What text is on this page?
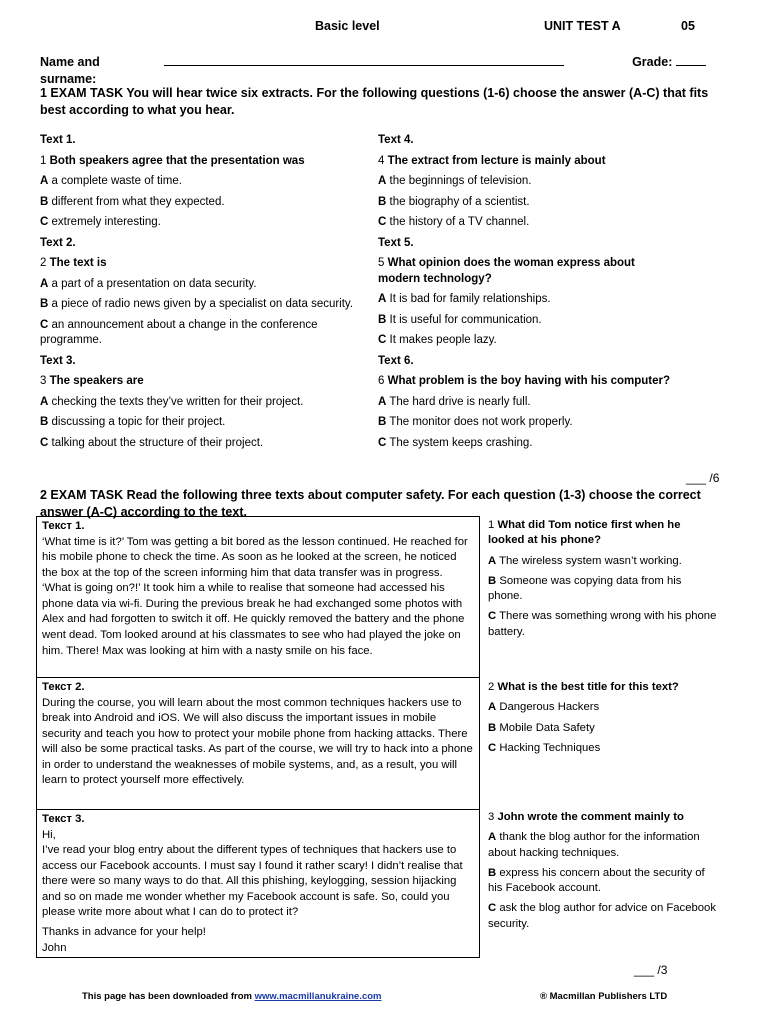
Basic level	UNIT TEST A	05
Name and surname:
Grade:
1 EXAM TASK You will hear twice six extracts. For the following questions (1-6) choose the answer (A-C) that fits best according to what you hear.
Text 1.
1 Both speakers agree that the presentation was
A a complete waste of time.
B different from what they expected.
C extremely interesting.
Text 2.
2 The text is
A a part of a presentation on data security.
B a piece of radio news given by a specialist on data security.
C an announcement about a change in the conference programme.
Text 3.
3 The speakers are
A checking the texts they’ve written for their project.
B discussing a topic for their project.
C talking about the structure of their project.
Text 4.
4 The extract from lecture is mainly about
A the beginnings of television.
B the biography of a scientist.
C the history of a TV channel.
Text 5.
5 What opinion does the woman express about modern technology?
A It is bad for family relationships.
B It is useful for communication.
C It makes people lazy.
Text 6.
6 What problem is the boy having with his computer?
A The hard drive is nearly full.
B The monitor does not work properly.
C The system keeps crashing.
___ /6
2 EXAM TASK Read the following three texts about computer safety. For each question (1-3) choose the correct answer (A-C) according to the text.
Текст 1.
‘What time is it?’ Tom was getting a bit bored as the lesson continued. He reached for his mobile phone to check the time. As soon as he looked at the screen, he noticed the box at the top of the screen informing him that data transfer was in progress. ‘What is going on?!’ It took him a while to realise that someone had accessed his phone data via wi-fi. During the previous break he had exchanged some photos with Alex and had forgotten to switch it off. He quickly removed the battery and the phone went dead. Tom looked around at his classmates to see who had played the joke on him. There! Max was looking at him with a nasty smile on his face.
Текст 2.
During the course, you will learn about the most common techniques hackers use to break into Android and iOS. We will also discuss the important issues in mobile security and teach you how to protect your mobile phone from hacking attacks. There will also be some practical tasks. As part of the course, we will try to hack into a phone in order to understand the weaknesses of mobile systems, and, as a result, you will learn to protect yourself more effectively.
Текст 3.
Hi,
I’ve read your blog entry about the different types of techniques that hackers use to access our Facebook accounts. I must say I found it rather scary! I didn’t realise that there were so many ways to do that. All this phishing, keylogging, session hijacking and so on made me wonder whether my Facebook account is safe. So, could you please write more about what I can do to protect it?
Thanks in advance for your help!
John
1 What did Tom notice first when he looked at his phone?
A The wireless system wasn’t working.
B Someone was copying data from his phone.
C There was something wrong with his phone battery.
2 What is the best title for this text?
A Dangerous Hackers
B Mobile Data Safety
C Hacking Techniques
3 John wrote the comment mainly to
A thank the blog author for the information about hacking techniques.
B express his concern about the security of his Facebook account.
C ask the blog author for advice on Facebook security.
___ /3
This page has been downloaded from www.macmillanukraine.com	® Macmillan Publishers LTD
